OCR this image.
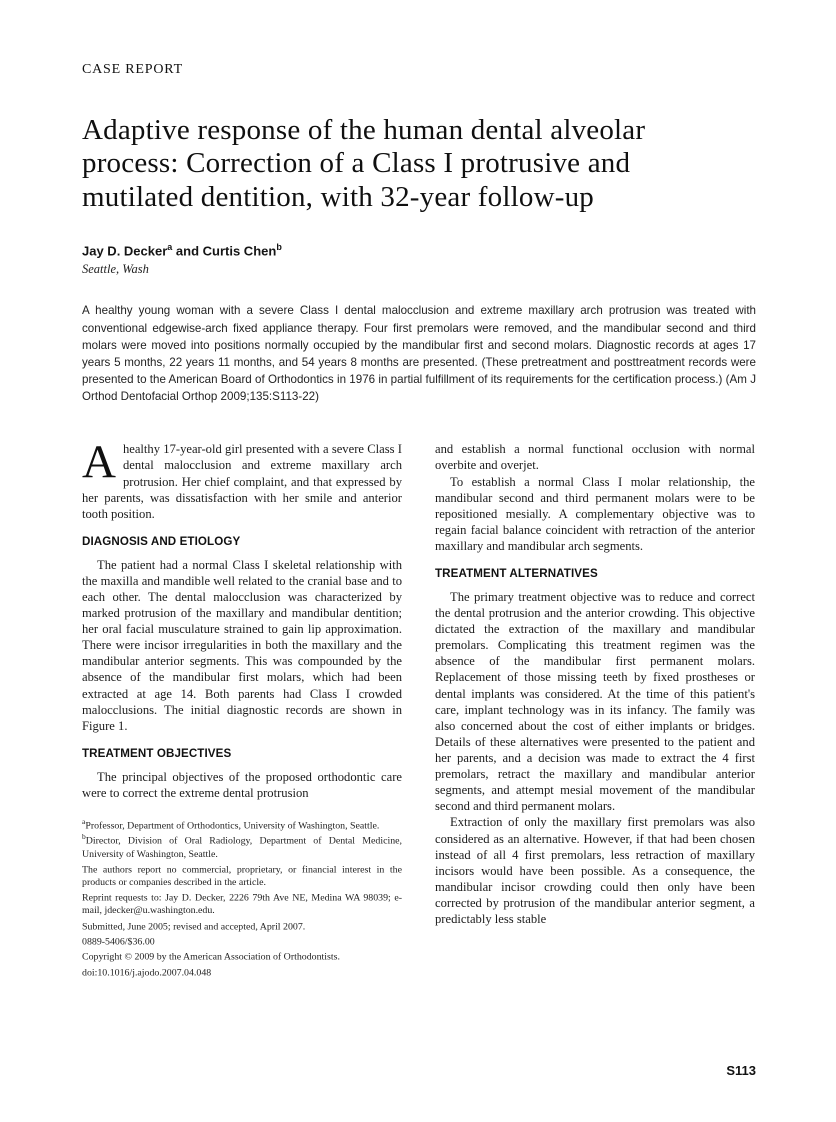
CASE REPORT
Adaptive response of the human dental alveolar process: Correction of a Class I protrusive and mutilated dentition, with 32-year follow-up
Jay D. Decker$^a$ and Curtis Chen$^b$
Seattle, Wash

A healthy young woman with a severe Class I dental malocclusion and extreme maxillary arch protrusion was treated with conventional edgewise-arch fixed appliance therapy. Four first premolars were removed, and the mandibular second and third molars were moved into positions normally occupied by the mandibular first and second molars. Diagnostic records at ages 17 years 5 months, 22 years 11 months, and 54 years 8 months are presented. (These pretreatment and posttreatment records were presented to the American Board of Orthodontics in 1976 in partial fulfillment of its requirements for the certification process.) (Am J Orthod Dentofacial Orthop 2009;135:S113-22)

Ahealthy 17-year-old girl presented with a severe Class I dental malocclusion and extreme maxillary arch protrusion. Her chief complaint, and that expressed by her parents, was dissatisfaction with her smile and anterior tooth position.

DIAGNOSIS AND ETIOLOGY

The patient had a normal Class I skeletal relationship with the maxilla and mandible well related to the cranial base and to each other. The dental malocclusion was characterized by marked protrusion of the maxillary and mandibular dentition; her oral facial musculature strained to gain lip approximation. There were incisor irregularities in both the maxillary and the mandibular anterior segments. This was compounded by the absence of the mandibular first molars, which had been extracted at age 14. Both parents had Class I crowded malocclusions. The initial diagnostic records are shown in Figure 1.

TREATMENT OBJECTIVES

The principal objectives of the proposed orthodontic care were to correct the extreme dental protrusion

$^a$Professor, Department of Orthodontics, University of Washington, Seattle.

$^b$Director, Division of Oral Radiology, Department of Dental Medicine, University of Washington, Seattle.

The authors report no commercial, proprietary, or financial interest in the products or companies described in the article.

Reprint requests to: Jay D. Decker, 2226 79th Ave NE, Medina WA 98039; e-mail, jdecker@u.washington.edu.

Submitted, June 2005; revised and accepted, April 2007.

0889-5406/$36.00

Copyright © 2009 by the American Association of Orthodontists.

doi:10.1016/j.ajodo.2007.04.048

and establish a normal functional occlusion with normal overbite and overjet.

To establish a normal Class I molar relationship, the mandibular second and third permanent molars were to be repositioned mesially. A complementary objective was to regain facial balance coincident with retraction of the anterior maxillary and mandibular arch segments.

TREATMENT ALTERNATIVES

The primary treatment objective was to reduce and correct the dental protrusion and the anterior crowding. This objective dictated the extraction of the maxillary and mandibular premolars. Complicating this treatment regimen was the absence of the mandibular first permanent molars. Replacement of those missing teeth by fixed prostheses or dental implants was considered. At the time of this patient's care, implant technology was in its infancy. The family was also concerned about the cost of either implants or bridges. Details of these alternatives were presented to the patient and her parents, and a decision was made to extract the 4 first premolars, retract the maxillary and mandibular anterior segments, and attempt mesial movement of the mandibular second and third permanent molars.

Extraction of only the maxillary first premolars was also considered as an alternative. However, if that had been chosen instead of all 4 first premolars, less retraction of maxillary incisors would have been possible. As a consequence, the mandibular incisor crowding could then only have been corrected by protrusion of the mandibular anterior segment, a predictably less stable

S113
